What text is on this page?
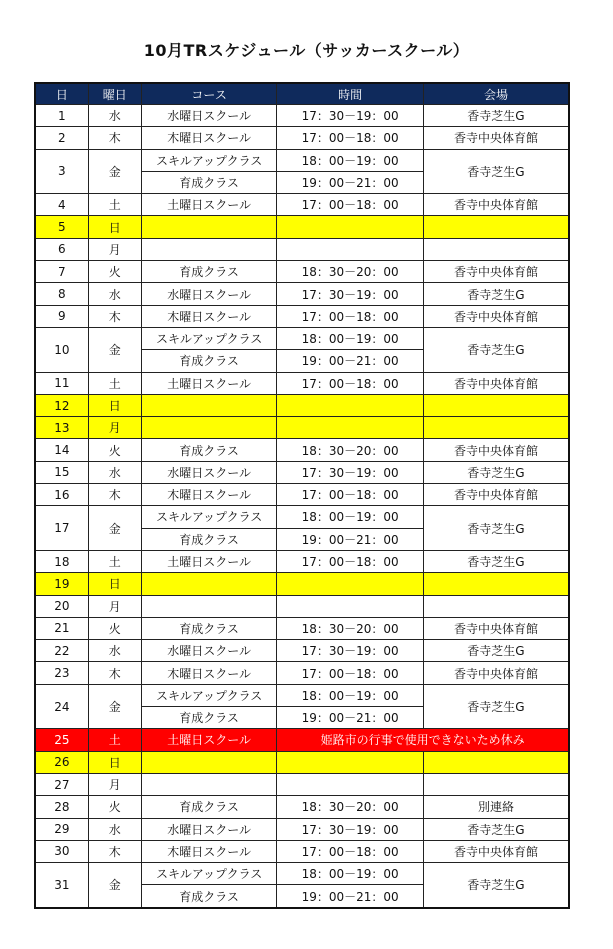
10月TRスケジュール（サッカースクール）
日	曜日	コース	時間	会場
1	水	水曜日スクール	17：30－19：00	香寺芝生G
2	木	木曜日スクール	17：00－18：00	香寺中央体育館
3	金	スキルアップクラス	18：00－19：00	香寺芝生G
		育成クラス	19：00－21：00	
4	土	土曜日スクール	17：00－18：00	香寺中央体育館
5	日			
6	月			
7	火	育成クラス	18：30－20：00	香寺中央体育館
8	水	水曜日スクール	17：30－19：00	香寺芝生G
9	木	木曜日スクール	17：00－18：00	香寺中央体育館
10	金	スキルアップクラス	18：00－19：00	香寺芝生G
		育成クラス	19：00－21：00	
11	土	土曜日スクール	17：00－18：00	香寺中央体育館
12	日			
13	月			
14	火	育成クラス	18：30－20：00	香寺中央体育館
15	水	水曜日スクール	17：30－19：00	香寺芝生G
16	木	木曜日スクール	17：00－18：00	香寺中央体育館
17	金	スキルアップクラス	18：00－19：00	香寺芝生G
		育成クラス	19：00－21：00	
18	土	土曜日スクール	17：00－18：00	香寺芝生G
19	日			
20	月			
21	火	育成クラス	18：30－20：00	香寺中央体育館
22	水	水曜日スクール	17：30－19：00	香寺芝生G
23	木	木曜日スクール	17：00－18：00	香寺中央体育館
24	金	スキルアップクラス	18：00－19：00	香寺芝生G
		育成クラス	19：00－21：00	
25	土	土曜日スクール	姫路市の行事で使用できないため休み	
26	日			
27	月			
28	火	育成クラス	18：30－20：00	別連絡
29	水	水曜日スクール	17：30－19：00	香寺芝生G
30	木	木曜日スクール	17：00－18：00	香寺中央体育館
31	金	スキルアップクラス	18：00－19：00	香寺芝生G
		育成クラス	19：00－21：00	
